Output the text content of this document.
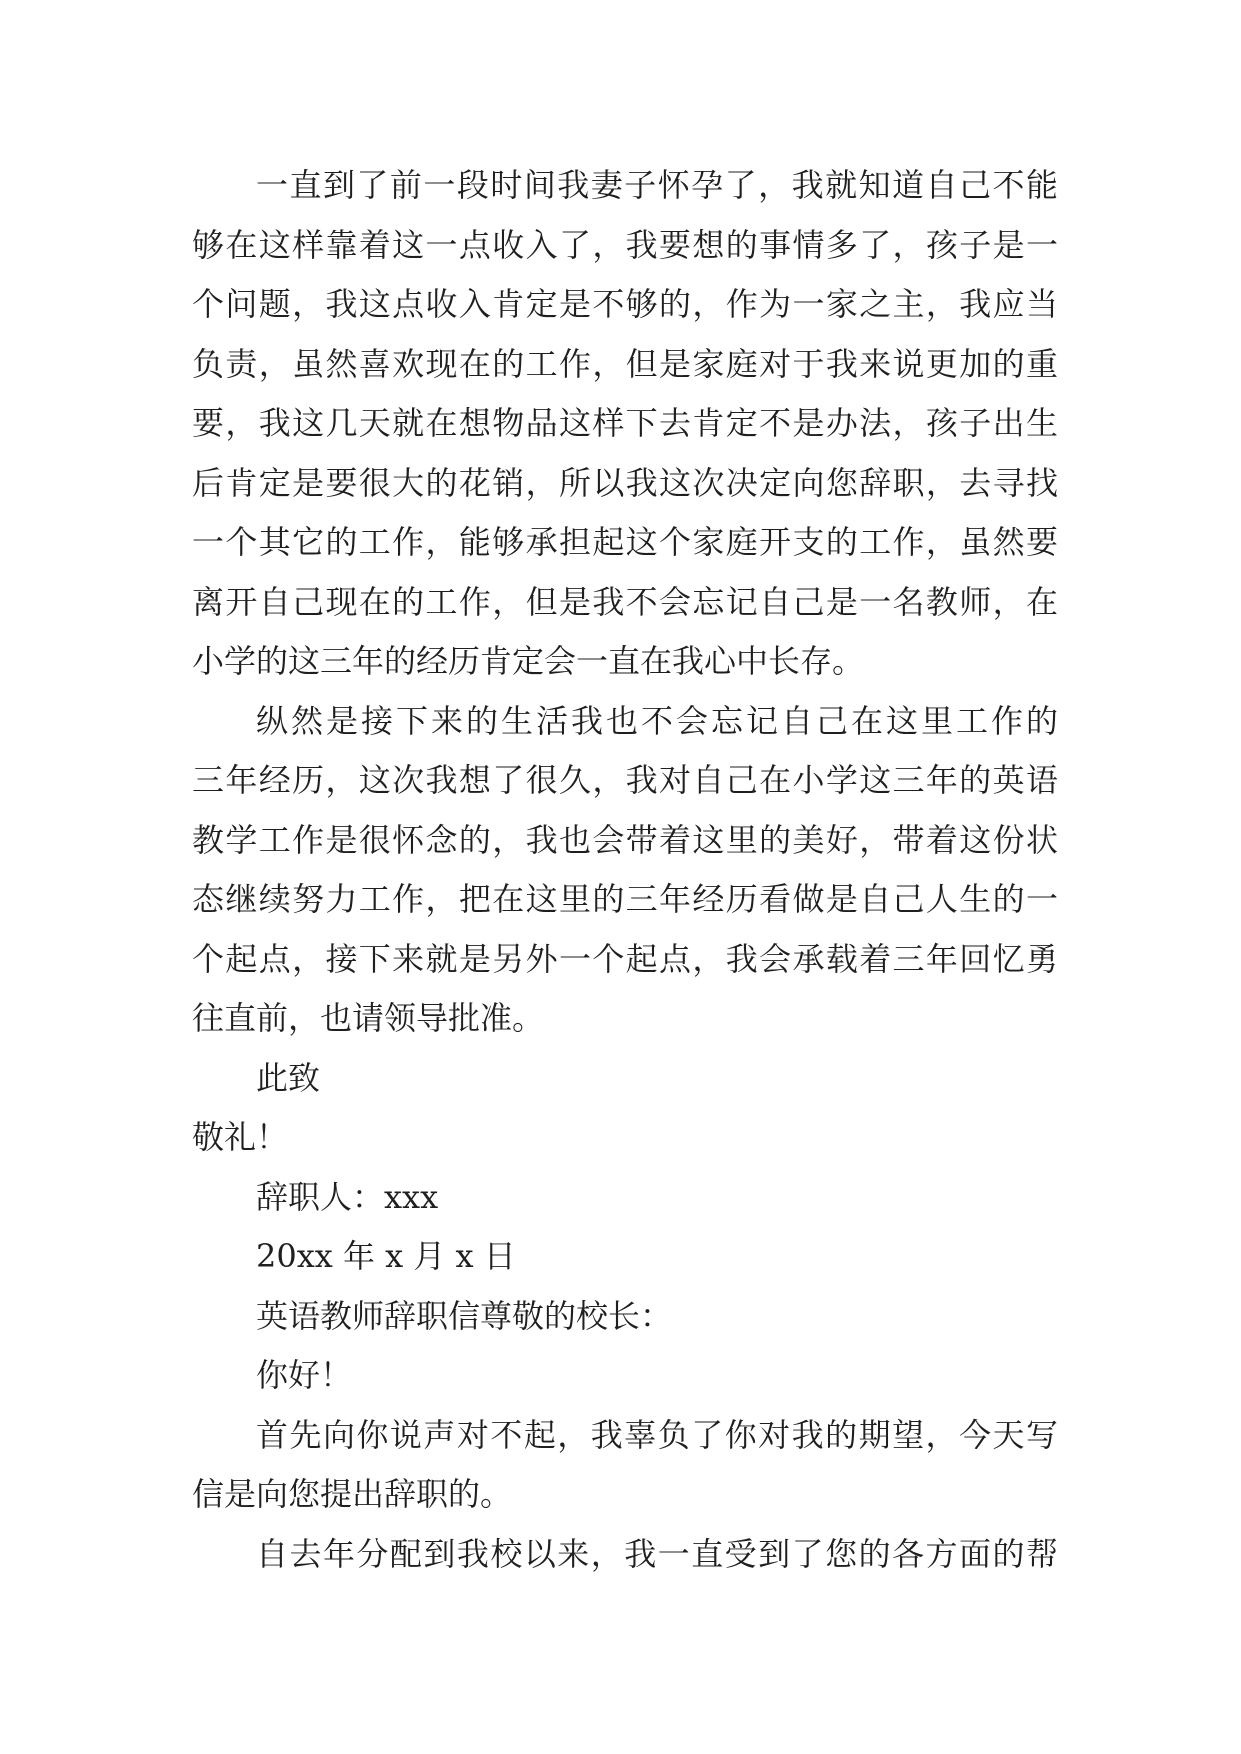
一直到了前一段时间我妻子怀孕了，我就知道自己不能
够在这样靠着这一点收入了，我要想的事情多了，孩子是一
个问题，我这点收入肯定是不够的，作为一家之主，我应当
负责，虽然喜欢现在的工作，但是家庭对于我来说更加的重
要，我这几天就在想物品这样下去肯定不是办法，孩子出生
后肯定是要很大的花销，所以我这次决定向您辞职，去寻找
一个其它的工作，能够承担起这个家庭开支的工作，虽然要
离开自己现在的工作，但是我不会忘记自己是一名教师，在
小学的这三年的经历肯定会一直在我心中长存。
纵然是接下来的生活我也不会忘记自己在这里工作的
三年经历，这次我想了很久，我对自己在小学这三年的英语
教学工作是很怀念的，我也会带着这里的美好，带着这份状
态继续努力工作，把在这里的三年经历看做是自己人生的一
个起点，接下来就是另外一个起点，我会承载着三年回忆勇
往直前，也请领导批准。
此致
敬礼！
辞职人：xxx
20xx 年 x 月 x 日
英语教师辞职信尊敬的校长：
你好！
首先向你说声对不起，我辜负了你对我的期望，今天写
信是向您提出辞职的。
自去年分配到我校以来，我一直受到了您的各方面的帮
